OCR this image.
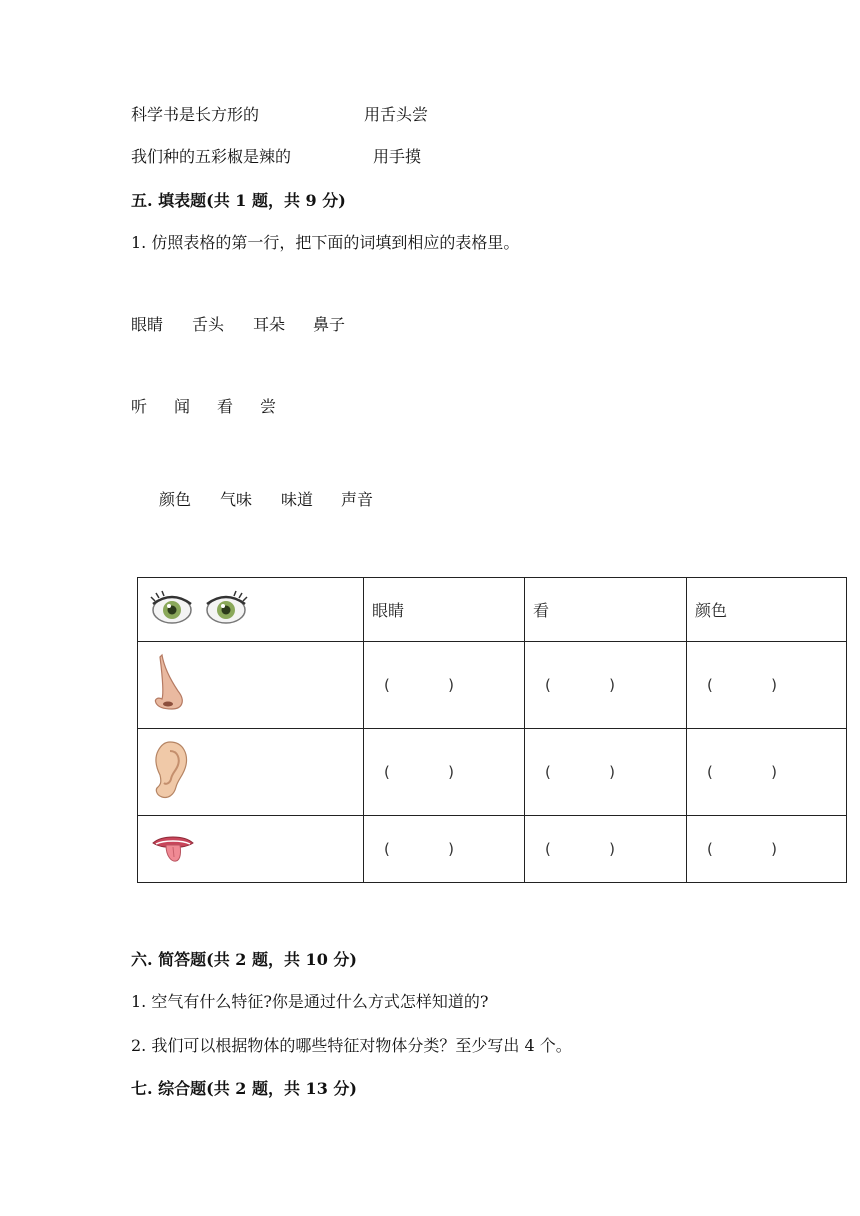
科学书是长方形的	用舌头尝
我们种的五彩椒是辣的	用手摸
五. 填表题(共 1 题，共 9 分)
1. 仿照表格的第一行，把下面的词填到相应的表格里。
眼睛 舌头 耳朵 鼻子
听 闻 看 尝
颜色 气味 味道 声音
	眼睛	看	颜色

( )	( )	( )

( )	( )	( )

( )	( )	( )
六. 简答题(共 2 题，共 10 分)
1. 空气有什么特征?你是通过什么方式怎样知道的?
2. 我们可以根据物体的哪些特征对物体分类？至少写出 4 个。
七. 综合题(共 2 题，共 13 分)
